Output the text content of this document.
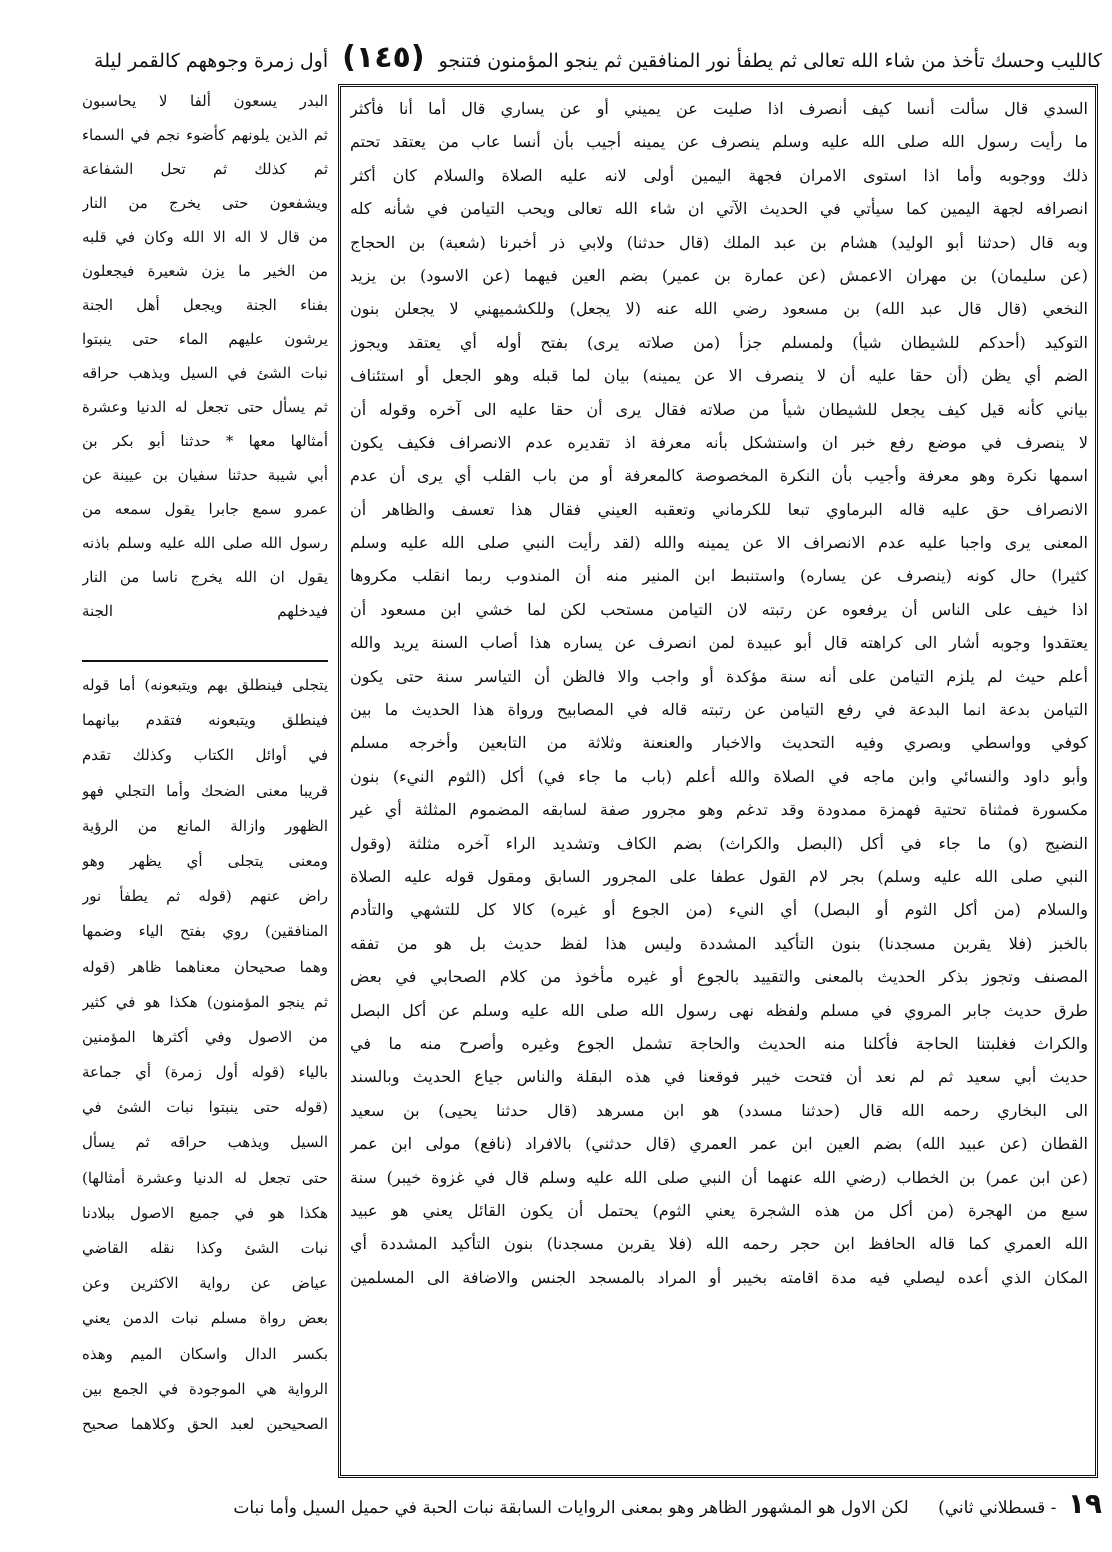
كالليب وحسك تأخذ من شاء الله تعالى ثم يطفأ نور المنافقين ثم ينجو المؤمنون فتنجو (١٤٥) أول زمرة وجوههم كالقمر ليلة
السدي قال سألت أنسا كيف أنصرف اذا صليت عن يميني أو عن يساري قال أما أنا فأكثر
ما رأيت رسول الله صلى الله عليه وسلم ينصرف عن يمينه أجيب بأن أنسا عاب من يعتقد تحتم
ذلك ووجوبه وأما اذا استوى الامران فجهة اليمين أولى لانه عليه الصلاة والسلام كان أكثر
انصرافه لجهة اليمين كما سيأتي في الحديث الآتي ان شاء الله تعالى ويحب التيامن في شأنه كله
وبه قال (حدثنا أبو الوليد) هشام بن عبد الملك (قال حدثنا) ولابي ذر أخبرنا (شعبة) بن الحجاج
(عن سليمان) بن مهران الاعمش (عن عمارة بن عمير) بضم العين فيهما (عن الاسود) بن يزيد
النخعي (قال قال عبد الله) بن مسعود رضي الله عنه (لا يجعل) وللكشميهني لا يجعلن بنون
التوكيد (أحدكم للشيطان شيأ) ولمسلم جزأ (من صلاته يرى) بفتح أوله أي يعتقد ويجوز
الضم أي يظن (أن حقا عليه أن لا ينصرف الا عن يمينه) بيان لما قبله وهو الجعل أو استئناف
بياني كأنه قيل كيف يجعل للشيطان شيأ من صلاته فقال يرى أن حقا عليه الى آخره وقوله أن
لا ينصرف في موضع رفع خبر ان واستشكل بأنه معرفة اذ تقديره عدم الانصراف فكيف يكون
اسمها نكرة وهو معرفة وأجيب بأن النكرة المخصوصة كالمعرفة أو من باب القلب أي يرى أن عدم
الانصراف حق عليه قاله البرماوي تبعا للكرماني وتعقبه العيني فقال هذا تعسف والظاهر أن
المعنى يرى واجبا عليه عدم الانصراف الا عن يمينه والله (لقد رأيت النبي صلى الله عليه وسلم
كثيرا) حال كونه (ينصرف عن يساره) واستنبط ابن المنير منه أن المندوب ربما انقلب مكروها
اذا خيف على الناس أن يرفعوه عن رتبته لان التيامن مستحب لكن لما خشي ابن مسعود أن
يعتقدوا وجوبه أشار الى كراهته قال أبو عبيدة لمن انصرف عن يساره هذا أصاب السنة يريد والله
أعلم حيث لم يلزم التيامن على أنه سنة مؤكدة أو واجب والا فالظن أن التياسر سنة حتى يكون
التيامن بدعة انما البدعة في رفع التيامن عن رتبته قاله في المصابيح ورواة هذا الحديث ما بين
كوفي وواسطي وبصري وفيه التحديث والاخبار والعنعنة وثلاثة من التابعين وأخرجه مسلم
وأبو داود والنسائي وابن ماجه في الصلاة والله أعلم (باب ما جاء في) أكل (الثوم النيء) بنون
مكسورة فمثناة تحتية فهمزة ممدودة وقد تدغم وهو مجرور صفة لسابقه المضموم المثلثة أي غير
النضيج (و) ما جاء في أكل (البصل والكراث) بضم الكاف وتشديد الراء آخره مثلثة (وقول
النبي صلى الله عليه وسلم) بجر لام القول عطفا على المجرور السابق ومقول قوله عليه الصلاة
والسلام (من أكل الثوم أو البصل) أي النيء (من الجوع أو غيره) كالا كل للتشهي والتأدم
بالخبز (فلا يقربن مسجدنا) بنون التأكيد المشددة وليس هذا لفظ حديث بل هو من تفقه
المصنف وتجوز بذكر الحديث بالمعنى والتقييد بالجوع أو غيره مأخوذ من كلام الصحابي في بعض
طرق حديث جابر المروي في مسلم ولفظه نهى رسول الله صلى الله عليه وسلم عن أكل البصل
والكراث فغلبتنا الحاجة فأكلنا منه الحديث والحاجة تشمل الجوع وغيره وأصرح منه ما في
حديث أبي سعيد ثم لم نعد أن فتحت خيبر فوقعنا في هذه البقلة والناس جياع الحديث وبالسند
الى البخاري رحمه الله قال (حدثنا مسدد) هو ابن مسرهد (قال حدثنا يحيى) بن سعيد
القطان (عن عبيد الله) بضم العين ابن عمر العمري (قال حدثني) بالافراد (نافع) مولى ابن عمر
(عن ابن عمر) بن الخطاب (رضي الله عنهما أن النبي صلى الله عليه وسلم قال في غزوة خيبر) سنة
سبع من الهجرة (من أكل من هذه الشجرة يعني الثوم) يحتمل أن يكون القائل يعني هو عبيد
الله العمري كما قاله الحافظ ابن حجر رحمه الله (فلا يقربن مسجدنا) بنون التأكيد المشددة أي
المكان الذي أعده ليصلي فيه مدة اقامته بخيبر أو المراد بالمسجد الجنس والاضافة الى المسلمين
البدر يسعون ألفا لا يحاسبون
ثم الذين يلونهم كأضوء نجم في السماء
ثم كذلك ثم تحل الشفاعة
ويشفعون حتى يخرج من النار
من قال لا اله الا الله وكان في قلبه
من الخير ما يزن شعيرة فيجعلون
بفناء الجنة ويجعل أهل الجنة
يرشون عليهم الماء حتى ينبتوا
نبات الشئ في السيل ويذهب حراقه
ثم يسأل حتى تجعل له الدنيا وعشرة
أمثالها معها * حدثنا أبو بكر بن
أبي شيبة حدثنا سفيان بن عيينة عن
عمرو سمع جابرا يقول سمعه من
رسول الله صلى الله عليه وسلم باذنه
يقول ان الله يخرج ناسا من النار
فيدخلهم الجنة
يتجلى فينطلق بهم ويتبعونه) أما قوله
فينطلق ويتبعونه فتقدم بيانهما
في أوائل الكتاب وكذلك تقدم
قريبا معنى الضحك وأما التجلي فهو
الظهور وازالة المانع من الرؤية
ومعنى يتجلى أي يظهر وهو
راض عنهم (قوله ثم يطفأ نور
المنافقين) روي بفتح الياء وضمها
وهما صحيحان معناهما ظاهر (قوله
ثم ينجو المؤمنون) هكذا هو في كثير
من الاصول وفي أكثرها المؤمنين
بالياء (قوله أول زمرة) أي جماعة
(قوله حتى ينبتوا نبات الشئ في
السيل ويذهب حراقه ثم يسأل
حتى تجعل له الدنيا وعشرة أمثالها)
هكذا هو في جميع الاصول ببلادنا
نبات الشئ وكذا نقله القاضي
عياض عن رواية الاكثرين وعن
بعض رواة مسلم نبات الدمن يعني
بكسر الدال واسكان الميم وهذه
الرواية هي الموجودة في الجمع بين
الصحيحين لعبد الحق وكلاهما صحيح
١٩ - قسطلاني ثاني) لكن الاول هو المشهور الظاهر وهو بمعنى الروايات السابقة نبات الحبة في حميل السيل وأما نبات
